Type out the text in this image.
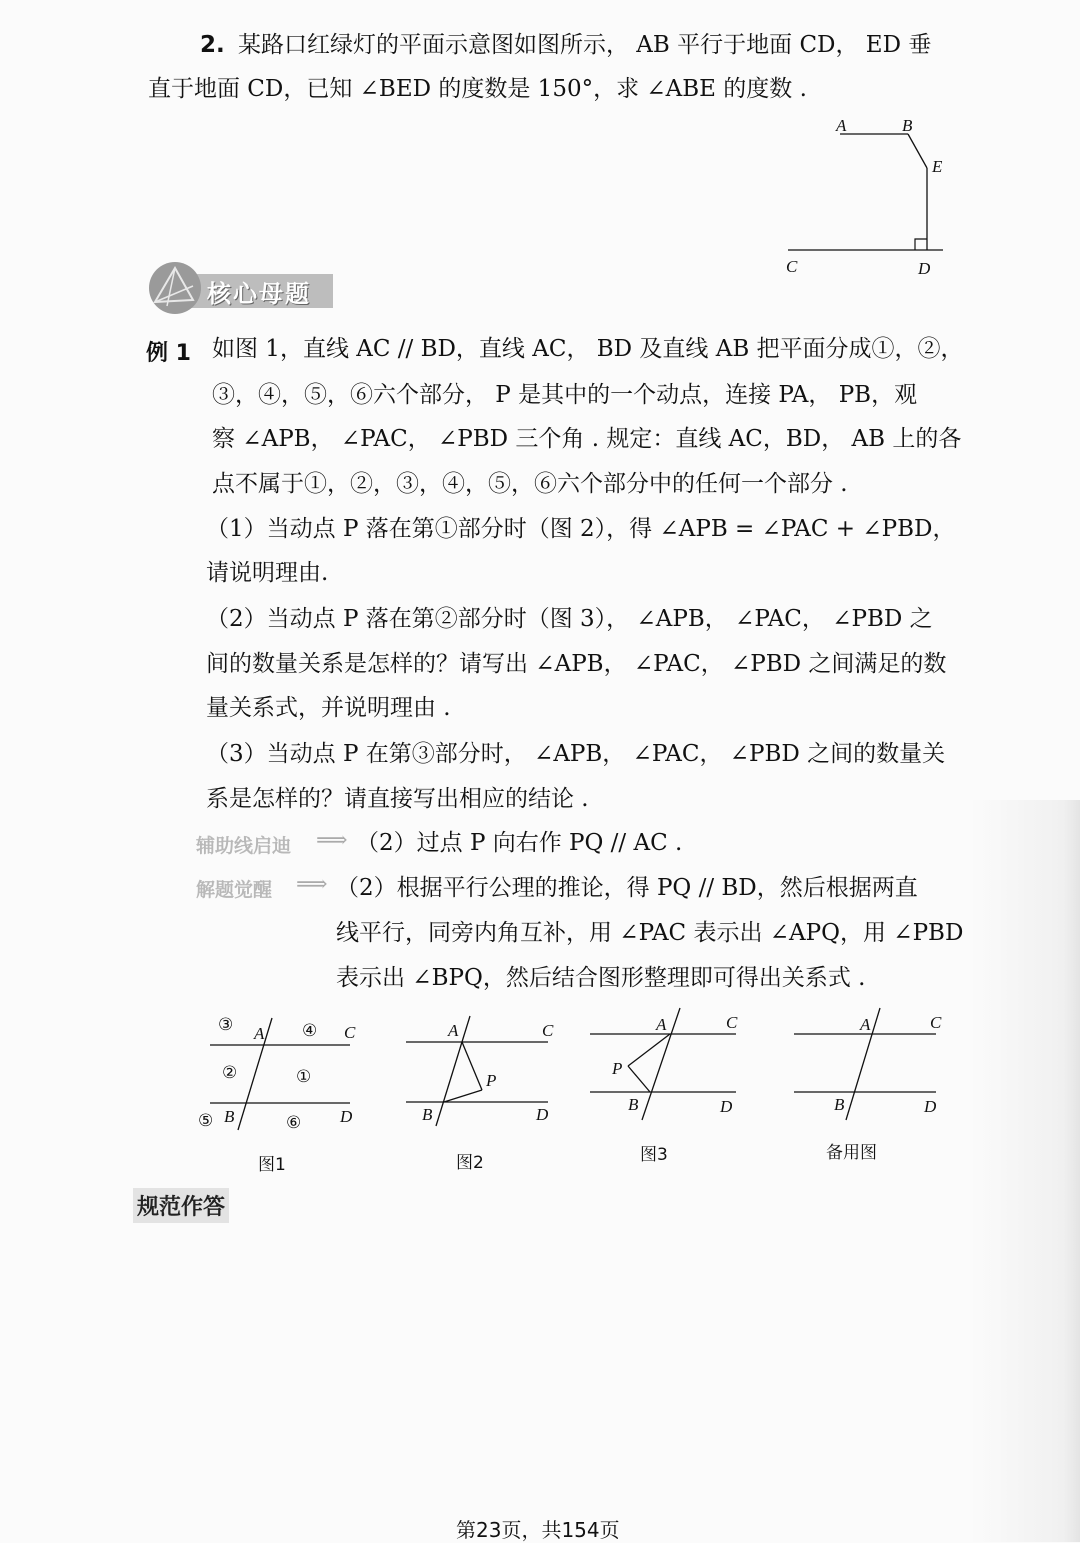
2. 某路口红绿灯的平面示意图如图所示， AB 平行于地面 CD， ED 垂
直于地面 CD，已知 ∠BED 的度数是 150°，求 ∠ABE 的度数 .
A	B
E
C	D
核心母题
例 1 如图 1，直线 AC // BD，直线 AC， BD 及直线 AB 把平面分成①，②，
③，④，⑤，⑥六个部分， P 是其中的一个动点，连接 PA， PB，观
察 ∠APB， ∠PAC， ∠PBD 三个角 . 规定：直线 AC，BD， AB 上的各
点不属于①，②，③，④，⑤，⑥六个部分中的任何一个部分 .
（1）当动点 P 落在第①部分时（图 2），得 ∠APB = ∠PAC + ∠PBD，
请说明理由.
（2）当动点 P 落在第②部分时（图 3）， ∠APB， ∠PAC， ∠PBD 之
间的数量关系是怎样的？请写出 ∠APB， ∠PAC， ∠PBD 之间满足的数
量关系式，并说明理由 .
（3）当动点 P 在第③部分时， ∠APB， ∠PAC， ∠PBD 之间的数量关
系是怎样的？请直接写出相应的结论 .
辅助线启迪 ⟹ （2）过点 P 向右作 PQ // AC .
解题觉醒 ⟹ （2）根据平行公理的推论，得 PQ // BD，然后根据两直
线平行，同旁内角互补，用 ∠PAC 表示出 ∠APQ，用 ∠PBD
表示出 ∠BPQ，然后结合图形整理即可得出关系式 .
A	C
B	D
③	④
②	①
⑤	⑥
图1
A	C
B	D
P
图2
A	C
B	D
P
图3
A	C
B	D
备用图
规范作答
第23页，共154页
